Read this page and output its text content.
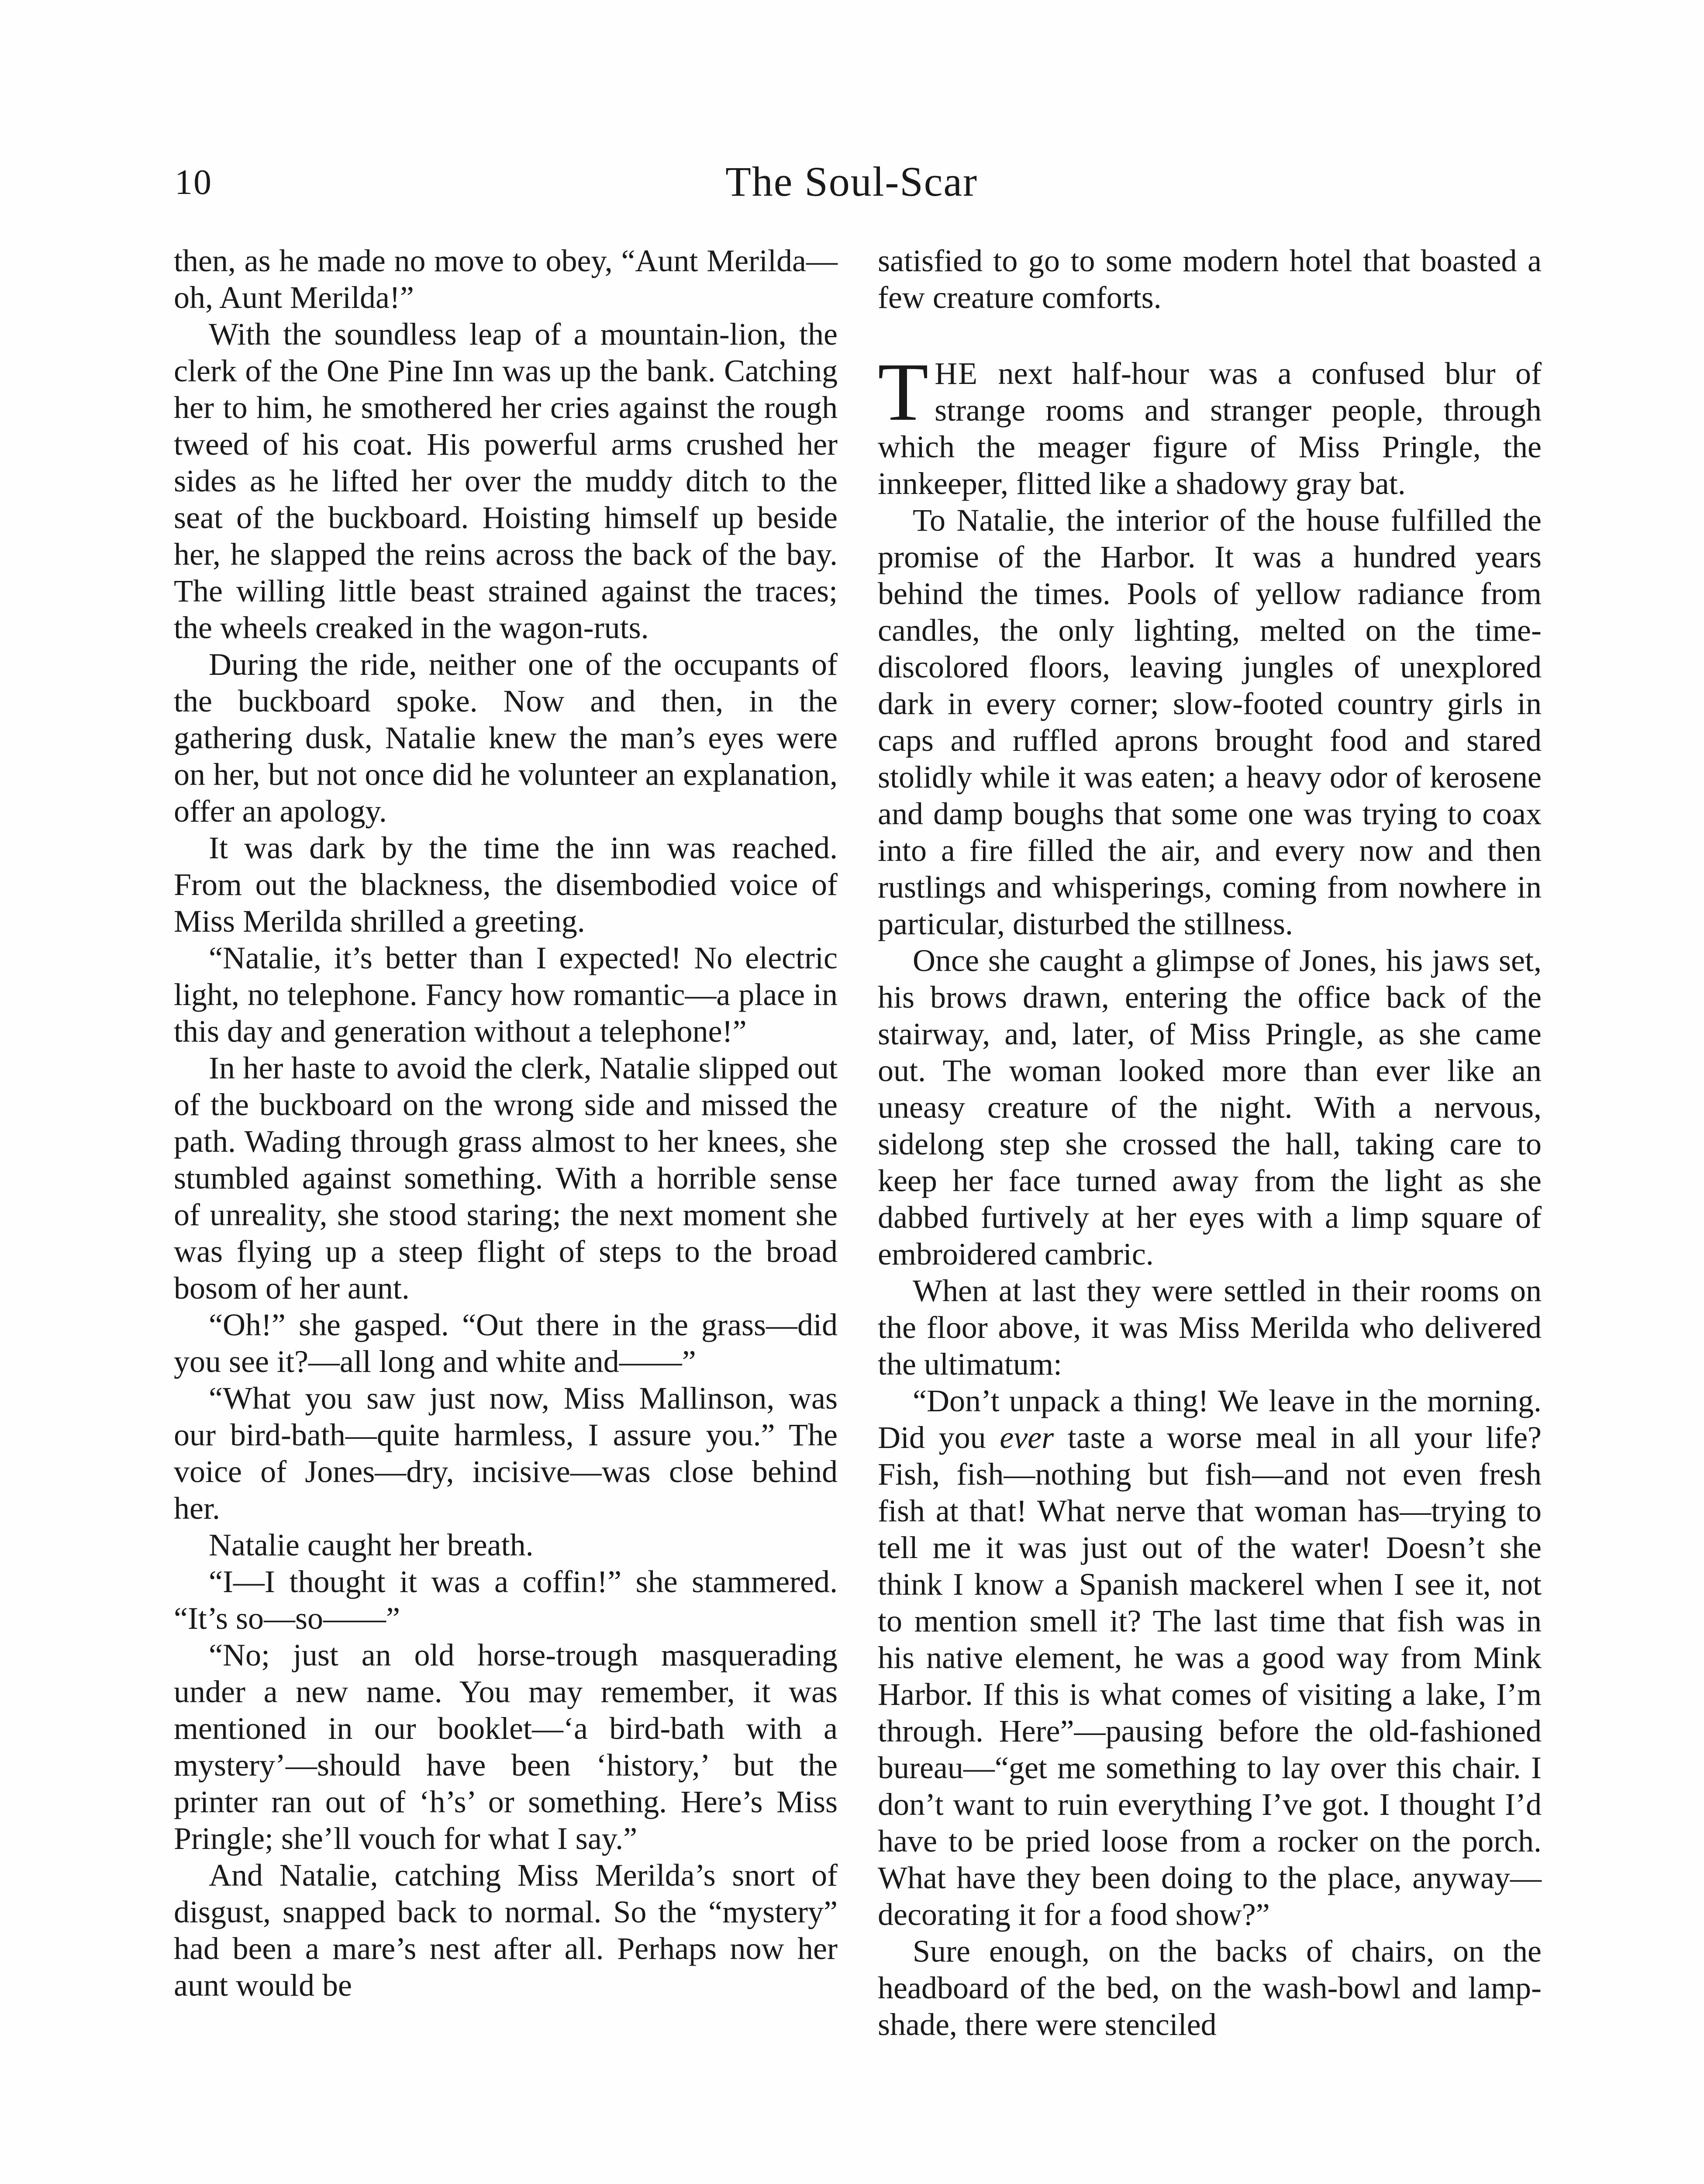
10	The Soul-Scar

then, as he made no move to obey, “Aunt Merilda—oh, Aunt Merilda!”

With the soundless leap of a mountain-lion, the clerk of the One Pine Inn was up the bank. Catching her to him, he smothered her cries against the rough tweed of his coat. His powerful arms crushed her sides as he lifted her over the muddy ditch to the seat of the buckboard. Hoisting himself up beside her, he slapped the reins across the back of the bay. The willing little beast strained against the traces; the wheels creaked in the wagon-ruts.

During the ride, neither one of the occupants of the buckboard spoke. Now and then, in the gathering dusk, Natalie knew the man’s eyes were on her, but not once did he volunteer an explanation, offer an apology.

It was dark by the time the inn was reached. From out the blackness, the disembodied voice of Miss Merilda shrilled a greeting.

“Natalie, it’s better than I expected! No electric light, no telephone. Fancy how romantic—a place in this day and generation without a telephone!”

In her haste to avoid the clerk, Natalie slipped out of the buckboard on the wrong side and missed the path. Wading through grass almost to her knees, she stumbled against something. With a horrible sense of unreality, she stood staring; the next moment she was flying up a steep flight of steps to the broad bosom of her aunt.

“Oh!” she gasped. “Out there in the grass—did you see it?—all long and white and——”

“What you saw just now, Miss Mallinson, was our bird-bath—quite harmless, I assure you.” The voice of Jones—dry, incisive—was close behind her.

Natalie caught her breath.

“I—I thought it was a coffin!” she stammered. “It’s so—so——”

“No; just an old horse-trough masquerading under a new name. You may remember, it was mentioned in our booklet—‘a bird-bath with a mystery’—should have been ‘history,’ but the printer ran out of ‘h’s’ or something. Here’s Miss Pringle; she’ll vouch for what I say.”

And Natalie, catching Miss Merilda’s snort of disgust, snapped back to normal. So the “mystery” had been a mare’s nest after all. Perhaps now her aunt would be

satisfied to go to some modern hotel that boasted a few creature comforts.

THE next half-hour was a confused blur of strange rooms and stranger people, through which the meager figure of Miss Pringle, the innkeeper, flitted like a shadowy gray bat.

To Natalie, the interior of the house fulfilled the promise of the Harbor. It was a hundred years behind the times. Pools of yellow radiance from candles, the only lighting, melted on the time-discolored floors, leaving jungles of unexplored dark in every corner; slow-footed country girls in caps and ruffled aprons brought food and stared stolidly while it was eaten; a heavy odor of kerosene and damp boughs that some one was trying to coax into a fire filled the air, and every now and then rustlings and whisperings, coming from nowhere in particular, disturbed the stillness.

Once she caught a glimpse of Jones, his jaws set, his brows drawn, entering the office back of the stairway, and, later, of Miss Pringle, as she came out. The woman looked more than ever like an uneasy creature of the night. With a nervous, sidelong step she crossed the hall, taking care to keep her face turned away from the light as she dabbed furtively at her eyes with a limp square of embroidered cambric.

When at last they were settled in their rooms on the floor above, it was Miss Merilda who delivered the ultimatum:

“Don’t unpack a thing! We leave in the morning. Did you ever taste a worse meal in all your life? Fish, fish—nothing but fish—and not even fresh fish at that! What nerve that woman has—trying to tell me it was just out of the water! Doesn’t she think I know a Spanish mackerel when I see it, not to mention smell it? The last time that fish was in his native element, he was a good way from Mink Harbor. If this is what comes of visiting a lake, I’m through. Here”—pausing before the old-fashioned bureau—“get me something to lay over this chair. I don’t want to ruin everything I’ve got. I thought I’d have to be pried loose from a rocker on the porch. What have they been doing to the place, anyway—decorating it for a food show?”

Sure enough, on the backs of chairs, on the headboard of the bed, on the wash-bowl and lamp-shade, there were stenciled
